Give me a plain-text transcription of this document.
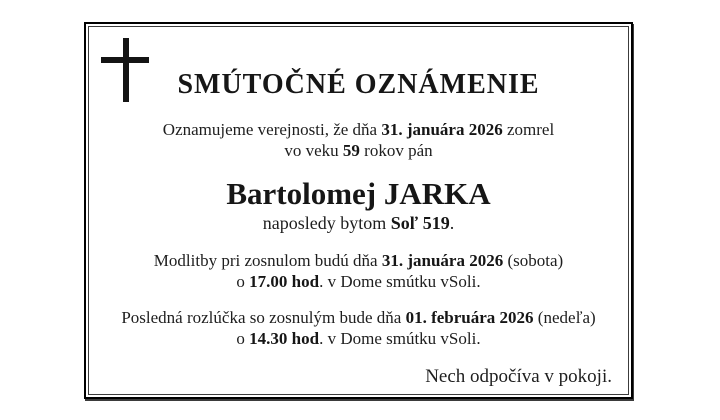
SMÚTOČNÉ OZNÁMENIE

Oznamujeme verejnosti, že dňa 31. januára 2026 zomrel
vo veku 59 rokov pán

Bartolomej JARKA

naposledy bytom Soľ 519.

Modlitby pri zosnulom budú dňa 31. januára 2026 (sobota)
o 17.00 hod. v Dome smútku vSoli.

Posledná rozlúčka so zosnulým bude dňa 01. februára 2026 (nedeľa)
o 14.30 hod. v Dome smútku vSoli.

Nech odpočíva v pokoji.
